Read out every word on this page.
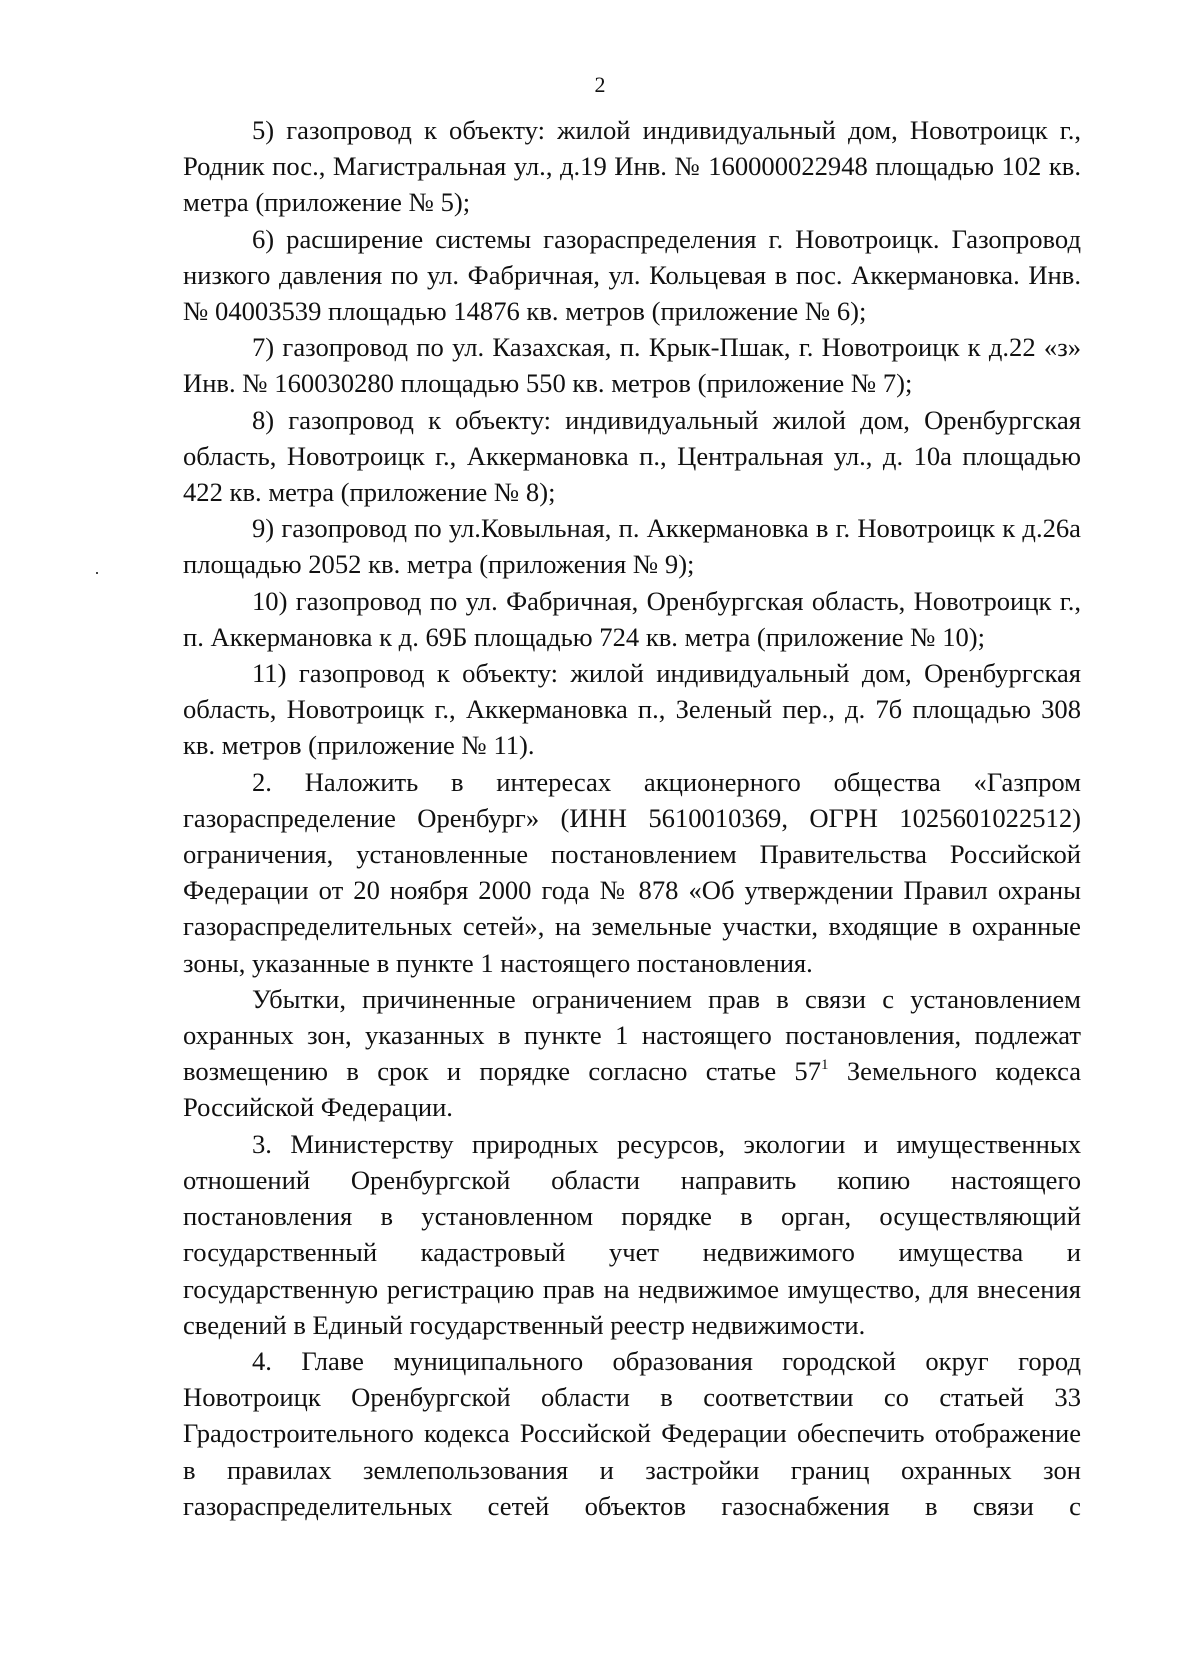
2

5) газопровод к объекту: жилой индивидуальный дом, Новотроицк г., Родник пос., Магистральная ул., д.19 Инв. № 160000022948 площадью 102 кв. метра (приложение № 5);

6) расширение системы газораспределения г. Новотроицк. Газопровод низкого давления по ул. Фабричная, ул. Кольцевая в пос. Аккермановка. Инв. № 04003539 площадью 14876 кв. метров (приложение № 6);

7) газопровод по ул. Казахская, п. Крык-Пшак, г. Новотроицк к д.22 «з» Инв. № 160030280 площадью 550 кв. метров (приложение № 7);

8) газопровод к объекту: индивидуальный жилой дом, Оренбургская область, Новотроицк г., Аккермановка п., Центральная ул., д. 10а площадью 422 кв. метра (приложение № 8);

9) газопровод по ул.Ковыльная, п. Аккермановка в г. Новотроицк к д.26а площадью 2052 кв. метра (приложения № 9);

10) газопровод по ул. Фабричная, Оренбургская область, Новотроицк г., п. Аккермановка к д. 69Б площадью 724 кв. метра (приложение № 10);

11) газопровод к объекту: жилой индивидуальный дом, Оренбургская область, Новотроицк г., Аккермановка п., Зеленый пер., д. 7б площадью 308 кв. метров (приложение № 11).

2. Наложить в интересах акционерного общества «Газпром газораспределение Оренбург» (ИНН 5610010369, ОГРН 1025601022512) ограничения, установленные постановлением Правительства Российской Федерации от 20 ноября 2000 года № 878 «Об утверждении Правил охраны газораспределительных сетей», на земельные участки, входящие в охранные зоны, указанные в пункте 1 настоящего постановления.

Убытки, причиненные ограничением прав в связи с установлением охранных зон, указанных в пункте 1 настоящего постановления, подлежат возмещению в срок и порядке согласно статье $57^1$ Земельного кодекса Российской Федерации.

3. Министерству природных ресурсов, экологии и имущественных отношений Оренбургской области направить копию настоящего постановления в установленном порядке в орган, осуществляющий государственный кадастровый учет недвижимого имущества и государственную регистрацию прав на недвижимое имущество, для внесения сведений в Единый государственный реестр недвижимости.

4. Главе муниципального образования городской округ город Новотроицк Оренбургской области в соответствии со статьей 33 Градостроительного кодекса Российской Федерации обеспечить отображение в правилах землепользования и застройки границ охранных зон газораспределительных сетей объектов газоснабжения в связи с
